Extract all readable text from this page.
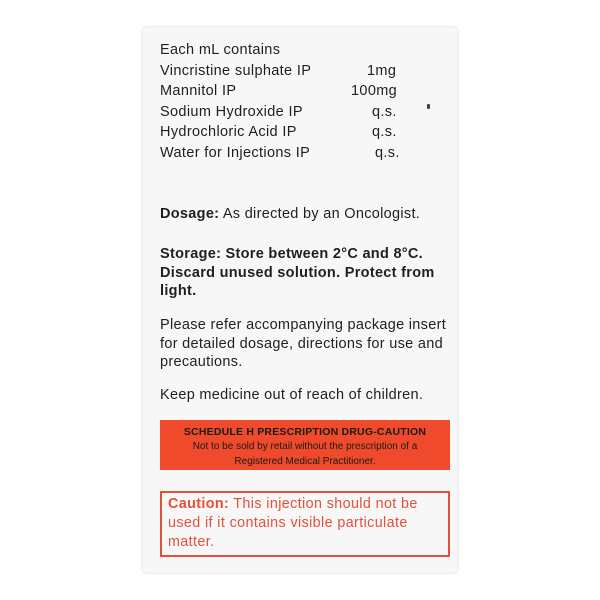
Each mL contains
Vincristine sulphate IP	1mg
Mannitol IP	100mg
Sodium Hydroxide IP	q.s.
Hydrochloric Acid IP	q.s.
Water for Injections IP	q.s.
Dosage: As directed by an Oncologist.
Storage: Store between 2°C and 8°C. Discard unused solution. Protect from light.
Please refer accompanying package insert for detailed dosage, directions for use and precautions.
Keep medicine out of reach of children.
SCHEDULE H PRESCRIPTION DRUG-CAUTION
Not to be sold by retail without the prescription of a
Registered Medical Practitioner.
Caution: This injection should not be used if it contains visible particulate matter.
